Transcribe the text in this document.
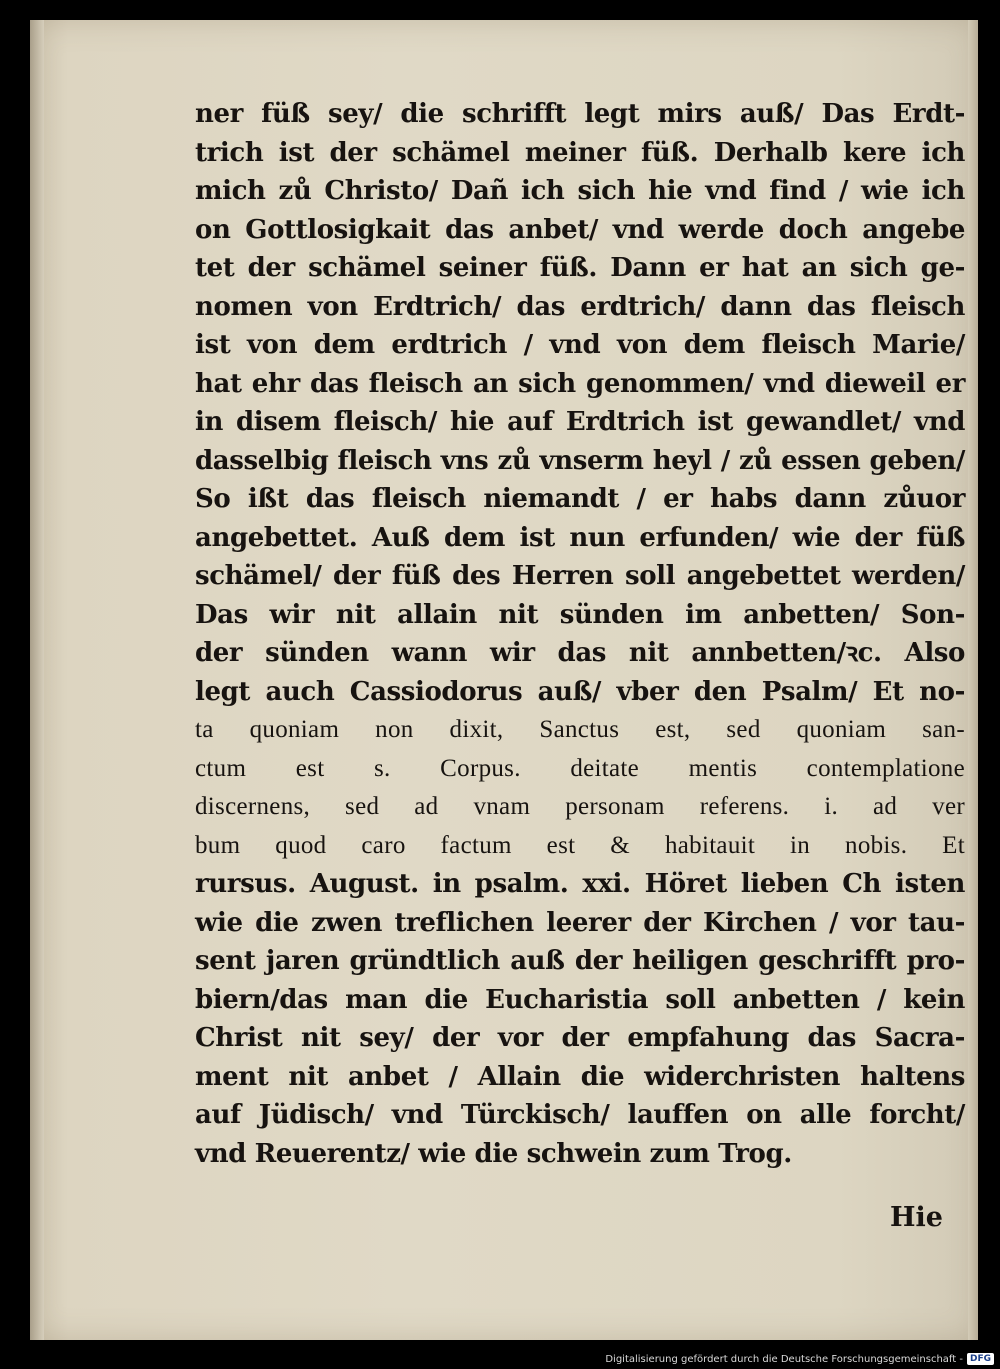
ner füß sey/ die schrifft legt mirs auß/ Das Erdt-
trich ist der schämel meiner füß. Derhalb kere ich
mich zů Christo/ Dañ ich sich hie vnd find / wie ich
on Gottlosigkait das anbet/ vnd werde doch angebe
tet der schämel seiner füß. Dann er hat an sich ge-
nomen von Erdtrich/ das erdtrich/ dann das fleisch
ist von dem erdtrich / vnd von dem fleisch Marie/
hat ehr das fleisch an sich genommen/ vnd dieweil er
in disem fleisch/ hie auf Erdtrich ist gewandlet/ vnd
dasselbig fleisch vns zů vnserm heyl / zů essen geben/
So ißt das fleisch niemandt / er habs dann zůuor
angebettet. Auß dem ist nun erfunden/ wie der füß
schämel/ der füß des Herren soll angebettet werden/
Das wir nit allain nit sünden im anbetten/ Son-
der sünden wann wir das nit annbetten/ꝛc. Also
legt auch Cassiodorus auß/ vber den Psalm/ Et no-
ta quoniam non dixit, Sanctus est, sed quoniam san-
ctum est s. Corpus. deitate mentis contemplatione
discernens, sed ad vnam personam referens. i. ad ver
bum quod caro factum est & habitauit in nobis. Et
rursus. August. in psalm. xxi. Höret lieben Ch isten
wie die zwen treflichen leerer der Kirchen / vor tau-
sent jaren gründtlich auß der heiligen geschrifft pro-
biern/das man die Eucharistia soll anbetten / kein
Christ nit sey/ der vor der empfahung das Sacra-
ment nit anbet / Allain die widerchristen haltens
auf Jüdisch/ vnd Türckisch/ lauffen on alle forcht/
vnd Reuerentz/ wie die schwein zum Trog.
Hie
Digitalisierung gefördert durch die Deutsche Forschungsgemeinschaft - DFG
